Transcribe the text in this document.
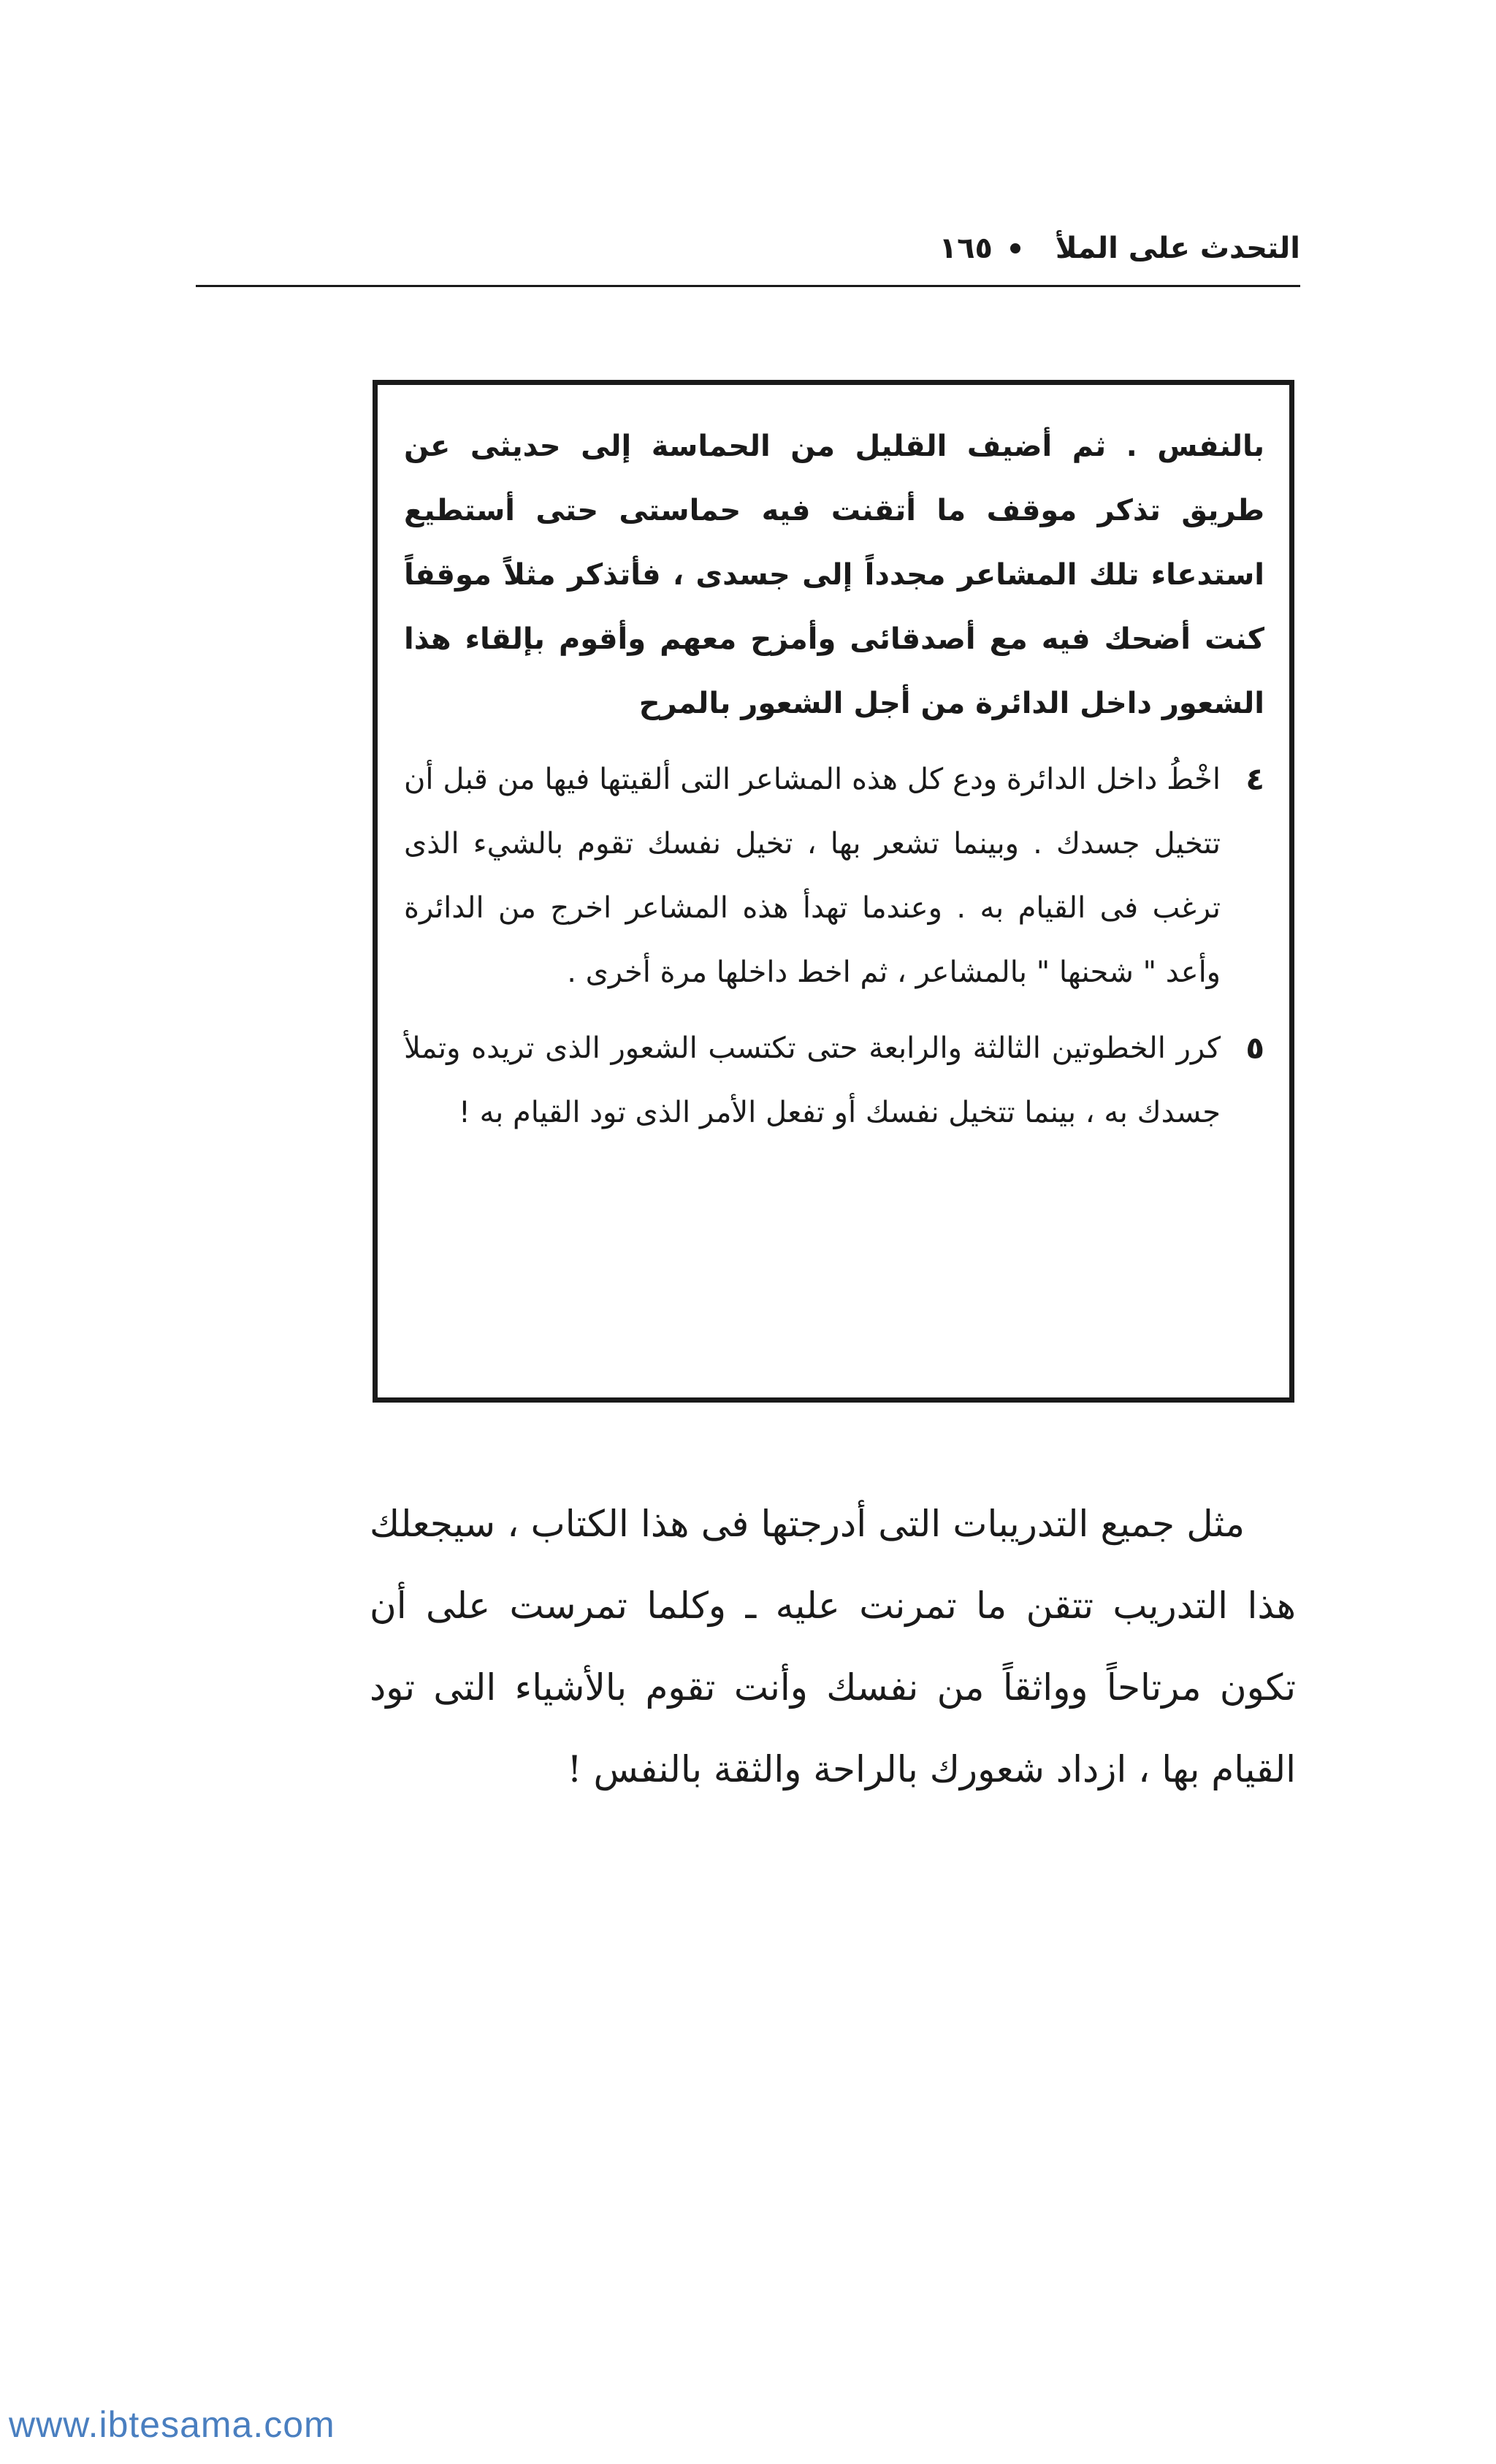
التحدث على الملأ
١٦٥

بالنفس . ثم أضيف القليل من الحماسة إلى حديثى عن طريق تذكر موقف ما أتقنت فيه حماستى حتى أستطيع استدعاء تلك المشاعر مجدداً إلى جسدى ، فأتذكر مثلاً موقفاً كنت أضحك فيه مع أصدقائى وأمزح معهم وأقوم بإلقاء هذا الشعور داخل الدائرة من أجل الشعور بالمرح

٤

اخْطُ داخل الدائرة ودع كل هذه المشاعر التى ألقيتها فيها من قبل أن تتخيل جسدك . وبينما تشعر بها ، تخيل نفسك تقوم بالشيء الذى ترغب فى القيام به . وعندما تهدأ هذه المشاعر اخرج من الدائرة وأعد " شحنها " بالمشاعر ، ثم اخط داخلها مرة أخرى .

٥

كرر الخطوتين الثالثة والرابعة حتى تكتسب الشعور الذى تريده وتملأ جسدك به ، بينما تتخيل نفسك أو تفعل الأمر الذى تود القيام به !

مثل جميع التدريبات التى أدرجتها فى هذا الكتاب ، سيجعلك هذا التدريب تتقن ما تمرنت عليه ـ وكلما تمرست على أن تكون مرتاحاً وواثقاً من نفسك وأنت تقوم بالأشياء التى تود القيام بها ، ازداد شعورك بالراحة والثقة بالنفس !

www.ibtesama.com
